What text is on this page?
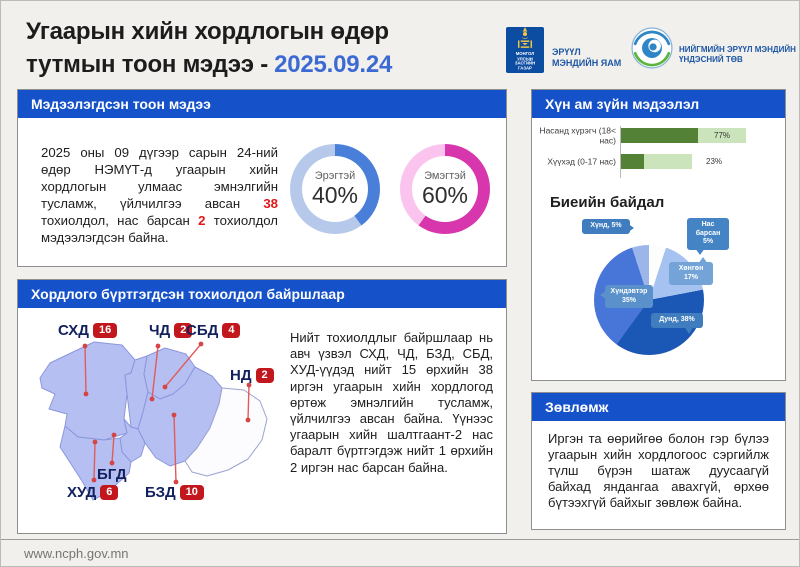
Угаарын хийн хордлогын өдөр
тутмын тоон мэдээ - 2025.09.24	МОНГОЛ УЛСЫН
ЗАСГИЙН ГАЗАР
ЭРҮҮЛ
МЭНДИЙН ЯАМ
НИЙГМИЙН ЭРҮҮЛ МЭНДИЙН
ҮНДЭСНИЙ ТӨВ
Мэдээлэгдсэн тоон мэдээ
2025 оны 09 дүгээр сарын 24-ний өдөр НЭМҮТ-д угаарын хийн хордлогын улмаас эмнэлгийн тусламж, үйлчилгээ авсан 38 тохиолдол, нас барсан 2 тохиолдол мэдээлэгдсэн байна.
Эрэгтэй
40%
Эмэгтэй
60%
Хордлого бүртгэгдсэн тохиолдол байршлаар
СХД 16	ЧД 2 СБД 4
НД 2
БГД
ХУД 6	БЗД 10
Нийт тохиолдлыг байршлаар нь авч үзвэл СХД, ЧД, БЗД, СБД, ХУД-үүдэд нийт 15 өрхийн 38 иргэн угаарын хийн хордлогод өртөж эмнэлгийн тусламж, үйлчилгээ авсан байна. Үүнээс угаарын хийн шалтгаант-2 нас баралт бүртгэгдэж нийт 1 өрхийн 2 иргэн нас барсан байна.
Хүн ам зүйн мэдээлэл
Насанд хүрэгч (18< нас)	77%
Хүүхэд (0-17 нас)	23%
Биеийн байдал
Хүнд, 5%	Нас барсан
5%
Хөнгөн
17%
Хүндэвтэр
35%
Дунд, 38%
Зөвлөмж
Иргэн та өөрийгөө болон гэр бүлээ угаарын хийн хордлогоос сэргийлж түлш бүрэн шатаж дуусаагүй байхад яндангаа авахгүй, өрхөө бүтээхгүй байхыг зөвлөж байна.
www.ncph.gov.mn
